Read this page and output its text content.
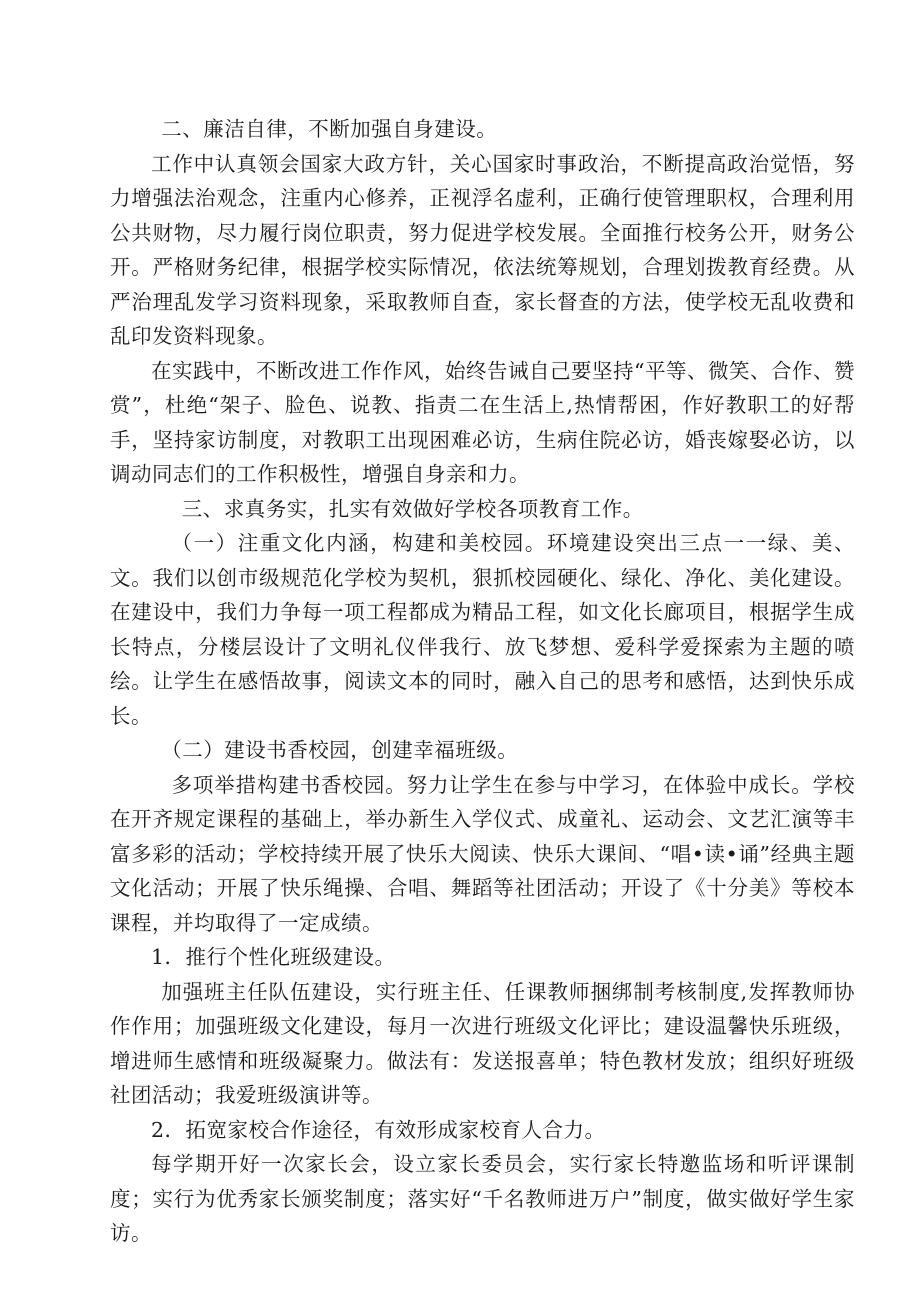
二、廉洁自律，不断加强自身建设。

工作中认真领会国家大政方针，关心国家时事政治，不断提高政治觉悟，努力增强法治观念，注重内心修养，正视浮名虚利，正确行使管理职权，合理利用公共财物，尽力履行岗位职责，努力促进学校发展。全面推行校务公开，财务公开。严格财务纪律，根据学校实际情况，依法统筹规划，合理划拨教育经费。从严治理乱发学习资料现象，采取教师自查，家长督查的方法，使学校无乱收费和乱印发资料现象。

在实践中，不断改进工作作风，始终告诫自己要坚持“平等、微笑、合作、赞赏”，杜绝“架子、脸色、说教、指责二在生活上,热情帮困，作好教职工的好帮手，坚持家访制度，对教职工出现困难必访，生病住院必访，婚丧嫁娶必访，以调动同志们的工作积极性，增强自身亲和力。

三、求真务实，扎实有效做好学校各项教育工作。

（一）注重文化内涵，构建和美校园。环境建设突出三点一一绿、美、文。我们以创市级规范化学校为契机，狠抓校园硬化、绿化、净化、美化建设。在建设中，我们力争每一项工程都成为精品工程，如文化长廊项目，根据学生成长特点，分楼层设计了文明礼仪伴我行、放飞梦想、爱科学爱探索为主题的喷绘。让学生在感悟故事，阅读文本的同时，融入自己的思考和感悟，达到快乐成长。

（二）建设书香校园，创建幸福班级。

多项举措构建书香校园。努力让学生在参与中学习，在体验中成长。学校在开齐规定课程的基础上，举办新生入学仪式、成童礼、运动会、文艺汇演等丰富多彩的活动；学校持续开展了快乐大阅读、快乐大课间、“唱•读•诵”经典主题文化活动；开展了快乐绳操、合唱、舞蹈等社团活动；开设了《十分美》等校本课程，并均取得了一定成绩。

1．推行个性化班级建设。

加强班主任队伍建设，实行班主任、任课教师捆绑制考核制度,发挥教师协作作用；加强班级文化建设，每月一次进行班级文化评比；建设温馨快乐班级，增进师生感情和班级凝聚力。做法有：发送报喜单；特色教材发放；组织好班级社团活动；我爱班级演讲等。

2．拓宽家校合作途径，有效形成家校育人合力。

每学期开好一次家长会，设立家长委员会，实行家长特邀监场和听评课制度；实行为优秀家长颁奖制度；落实好“千名教师进万户”制度，做实做好学生家访。
